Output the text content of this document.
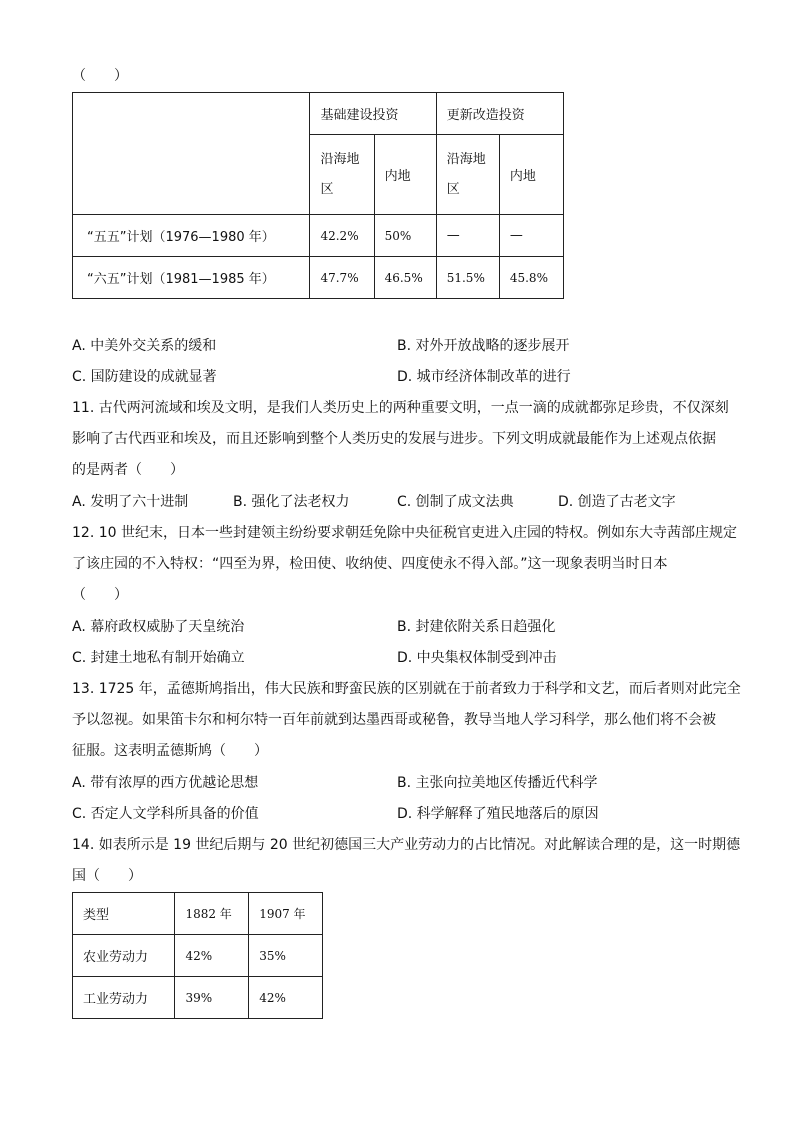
（　　）
	基础建设投资		更新改造投资	
	沿海地区	内地	沿海地区	内地
“五五”计划（1976—1980 年）	42.2%	50%	—	—
“六五”计划（1981—1985 年）	47.7%	46.5%	51.5%	45.8%
A. 中美外交关系的缓和	B. 对外开放战略的逐步展开
C. 国防建设的成就显著	D. 城市经济体制改革的进行
11. 古代两河流域和埃及文明，是我们人类历史上的两种重要文明，一点一滴的成就都弥足珍贵，不仅深刻
影响了古代西亚和埃及，而且还影响到整个人类历史的发展与进步。下列文明成就最能作为上述观点依据
的是两者（　　）
A. 发明了六十进制	B. 强化了法老权力	C. 创制了成文法典	D. 创造了古老文字
12. 10 世纪末，日本一些封建领主纷纷要求朝廷免除中央征税官吏进入庄园的特权。例如东大寺茜部庄规定
了该庄园的不入特权：“四至为界，检田使、收纳使、四度使永不得入部。”这一现象表明当时日本
（　　）
A. 幕府政权威胁了天皇统治	B. 封建依附关系日趋强化
C. 封建土地私有制开始确立	D. 中央集权体制受到冲击
13. 1725 年，孟德斯鸠指出，伟大民族和野蛮民族的区别就在于前者致力于科学和文艺，而后者则对此完全
予以忽视。如果笛卡尔和柯尔特一百年前就到达墨西哥或秘鲁，教导当地人学习科学，那么他们将不会被
征服。这表明孟德斯鸠（　　）
A. 带有浓厚的西方优越论思想	B. 主张向拉美地区传播近代科学
C. 否定人文学科所具备的价值	D. 科学解释了殖民地落后的原因
14. 如表所示是 19 世纪后期与 20 世纪初德国三大产业劳动力的占比情况。对此解读合理的是，这一时期德
国（　　）
类型	1882 年	1907 年
农业劳动力	42%	35%
工业劳动力	39%	42%
